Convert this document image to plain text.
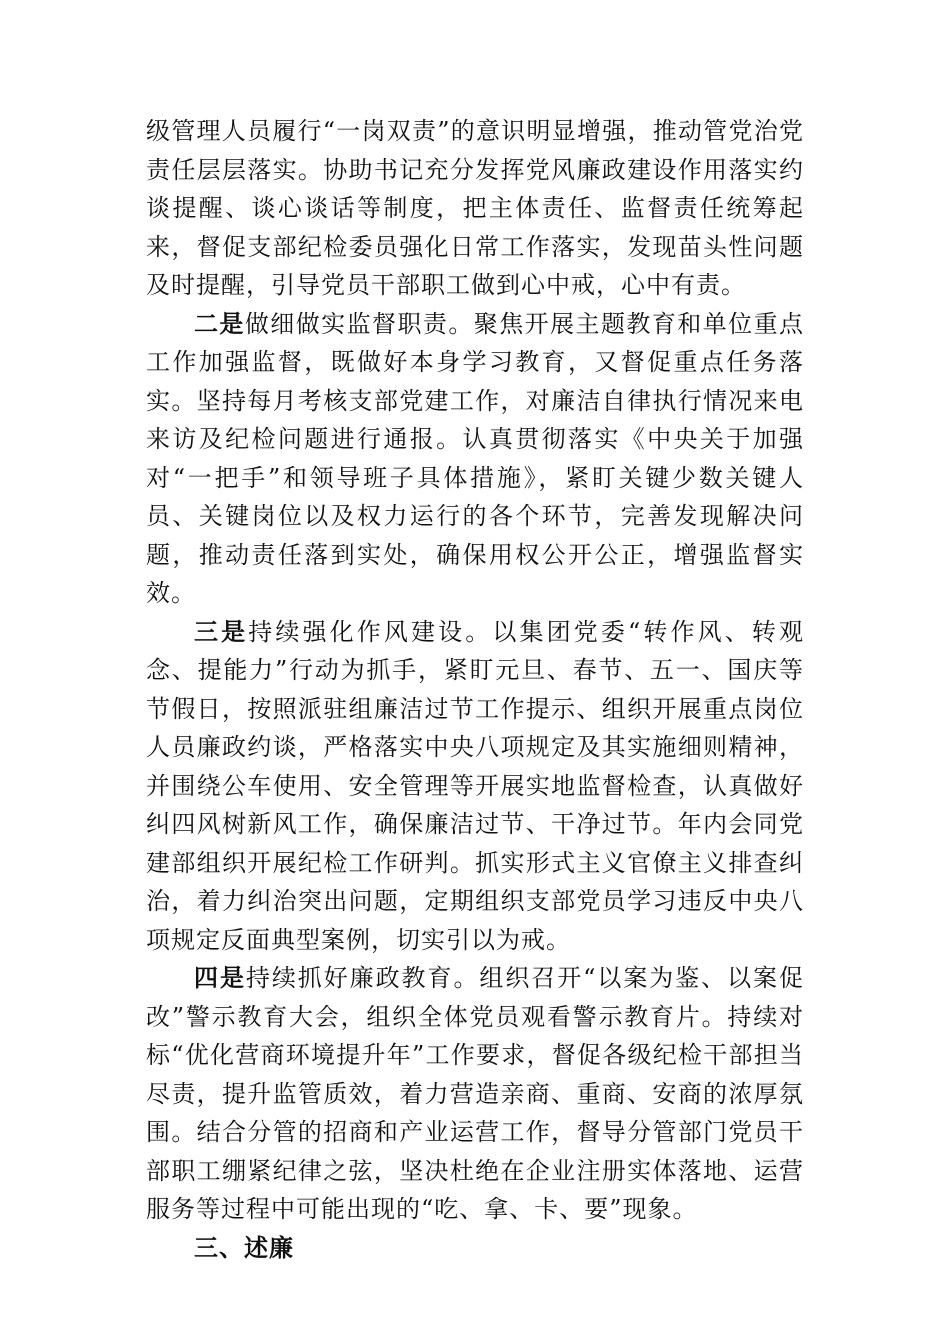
级管理人员履行“一岗双责”的意识明显增强，推动管党治党责任层层落实。协助书记充分发挥党风廉政建设作用落实约谈提醒、谈心谈话等制度，把主体责任、监督责任统筹起来，督促支部纪检委员强化日常工作落实，发现苗头性问题及时提醒，引导党员干部职工做到心中戒，心中有责。

二是做细做实监督职责。聚焦开展主题教育和单位重点工作加强监督，既做好本身学习教育，又督促重点任务落实。坚持每月考核支部党建工作，对廉洁自律执行情况来电来访及纪检问题进行通报。认真贯彻落实《中央关于加强对“一把手”和领导班子具体措施》，紧盯关键少数关键人员、关键岗位以及权力运行的各个环节，完善发现解决问题，推动责任落到实处，确保用权公开公正，增强监督实效。

三是持续强化作风建设。以集团党委“转作风、转观念、提能力”行动为抓手，紧盯元旦、春节、五一、国庆等节假日，按照派驻组廉洁过节工作提示、组织开展重点岗位人员廉政约谈，严格落实中央八项规定及其实施细则精神，并围绕公车使用、安全管理等开展实地监督检查，认真做好纠四风树新风工作，确保廉洁过节、干净过节。年内会同党建部组织开展纪检工作研判。抓实形式主义官僚主义排查纠治，着力纠治突出问题，定期组织支部党员学习违反中央八项规定反面典型案例，切实引以为戒。

四是持续抓好廉政教育。组织召开“以案为鉴、以案促改”警示教育大会，组织全体党员观看警示教育片。持续对标“优化营商环境提升年”工作要求，督促各级纪检干部担当尽责，提升监管质效，着力营造亲商、重商、安商的浓厚氛围。结合分管的招商和产业运营工作，督导分管部门党员干部职工绷紧纪律之弦，坚决杜绝在企业注册实体落地、运营服务等过程中可能出现的“吃、拿、卡、要”现象。

三、述廉
